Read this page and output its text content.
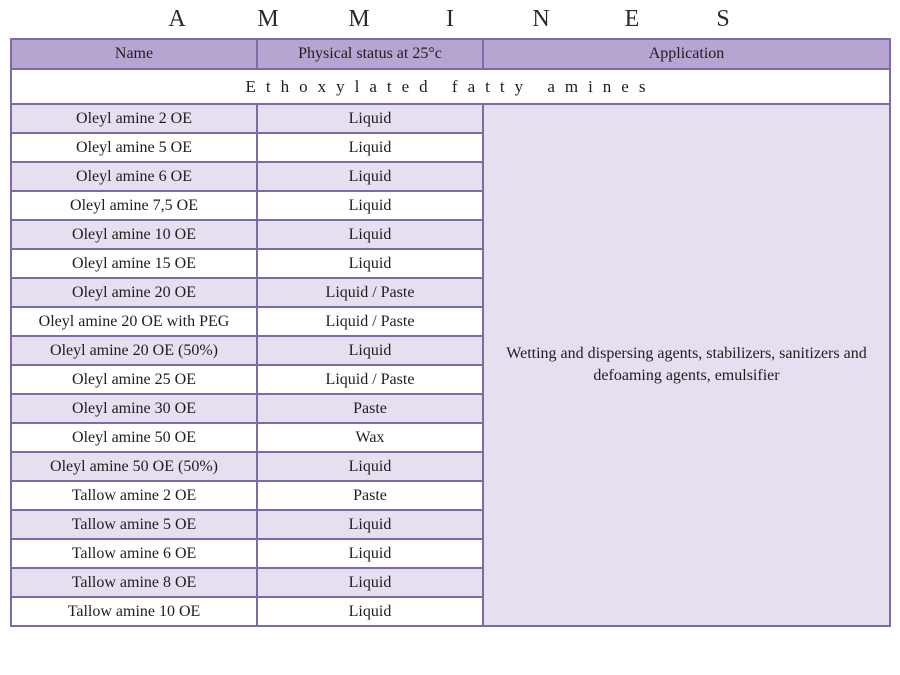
A	M	M	I	N	E	S
Name	Physical status at 25°c	Application
Ethoxylated fatty amines		
Oleyl amine 2 OE	Liquid	Wetting and dispersing agents, stabilizers, sanitizers and defoaming agents, emulsifier
Oleyl amine 5 OE	Liquid	
Oleyl amine 6 OE	Liquid	
Oleyl amine 7,5 OE	Liquid	
Oleyl amine 10 OE	Liquid	
Oleyl amine 15 OE	Liquid	
Oleyl amine 20 OE	Liquid / Paste	
Oleyl amine 20 OE with PEG	Liquid / Paste	
Oleyl amine 20 OE (50%)	Liquid	
Oleyl amine 25 OE	Liquid / Paste	
Oleyl amine 30 OE	Paste	
Oleyl amine 50 OE	Wax	
Oleyl amine 50 OE (50%)	Liquid	
Tallow amine 2 OE	Paste	
Tallow amine 5 OE	Liquid	
Tallow amine 6 OE	Liquid	
Tallow amine 8 OE	Liquid	
Tallow amine 10 OE	Liquid	
